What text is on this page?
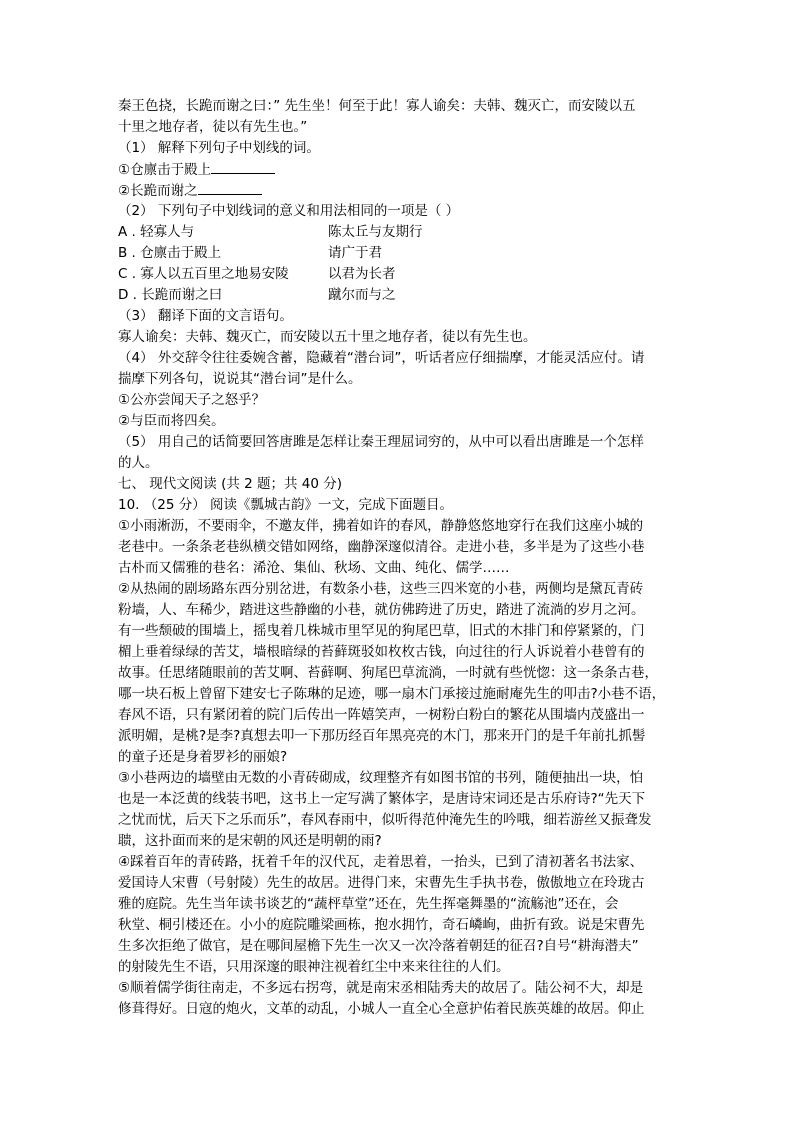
秦王色挠，长跪而谢之曰：” 先生坐！何至于此！寡人谕矣：夫韩、魏灭亡，而安陵以五
十里之地存者，徒以有先生也。”
（1） 解释下列句子中划线的词。
①仓廪击于殿上
②长跪而谢之
（2） 下列句子中划线词的意义和用法相同的一项是（ ）
A . 轻寡人与	陈太丘与友期行
B . 仓廪击于殿上	请广于君
C . 寡人以五百里之地易安陵	以君为长者
D . 长跪而谢之曰	蹴尔而与之
（3） 翻译下面的文言语句。
寡人谕矣：夫韩、魏灭亡，而安陵以五十里之地存者，徒以有先生也。
（4） 外交辞令往往委婉含蓄，隐藏着“潜台词”，听话者应仔细揣摩，才能灵活应付。请
揣摩下列各句，说说其“潜台词”是什么。
①公亦尝闻天子之怒乎？
②与臣而将四矣。
（5） 用自己的话简要回答唐雎是怎样让秦王理屈词穷的，从中可以看出唐雎是一个怎样
的人。
七、 现代文阅读 (共 2 题；共 40 分)
10. （25 分） 阅读《瓢城古韵》一文，完成下面题目。
①小雨淅沥，不要雨伞，不邀友伴，拂着如许的春风，静静悠悠地穿行在我们这座小城的
老巷中。一条条老巷纵横交错如网络，幽静深邃似清谷。走进小巷，多半是为了这些小巷
古朴而又儒雅的巷名：浠沧、集仙、秋场、文曲、纯化、儒学……
②从热闹的剧场路东西分别岔进，有数条小巷，这些三四米宽的小巷，两侧均是黛瓦青砖
粉墙，人、车稀少，踏进这些静幽的小巷，就仿佛跨进了历史，踏进了流淌的岁月之河。
有一些颓破的围墙上，摇曳着几株城市里罕见的狗尾巴草，旧式的木排门和停紧紧的，门
楣上垂着绿绿的苦艾，墙根暗绿的苔藓斑驳如枚枚古钱，向过往的行人诉说着小巷曾有的
故事。任思绪随眼前的苦艾啊、苔藓啊、狗尾巴草流淌，一时就有些恍惚：这一条条古巷，
哪一块石板上曾留下建安七子陈琳的足迹，哪一扇木门承接过施耐庵先生的叩击?小巷不语，
春风不语，只有紧闭着的院门后传出一阵嬉笑声，一树粉白粉白的繁花从围墙内茂盛出一
派明媚，是桃?是李?真想去叩一下那历经百年黑亮亮的木门，那来开门的是千年前扎抓髻
的童子还是身着罗衫的丽娘?
③小巷两边的墙壁由无数的小青砖砌成，纹理整齐有如图书馆的书列，随便抽出一块，怕
也是一本泛黄的线装书吧，这书上一定写满了繁体字，是唐诗宋词还是古乐府诗?“先天下
之忧而忧，后天下之乐而乐”，春风春雨中，似听得范仲淹先生的吟哦，细若游丝又振聋发
聩，这扑面而来的是宋朝的风还是明朝的雨?
④踩着百年的青砖路，抚着千年的汉代瓦，走着思着，一抬头，已到了清初著名书法家、
爱国诗人宋曹（号射陵）先生的故居。进得门来，宋曹先生手执书卷，傲傲地立在玲珑古
雅的庭院。先生当年读书谈艺的“蔬枰草堂”还在，先生挥毫舞墨的“流觞池”还在，会
秋堂、桐引楼还在。小小的庭院雕梁画栋，抱水拥竹，奇石嶙峋，曲折有致。说是宋曹先
生多次拒绝了做官，是在哪间屋檐下先生一次又一次冷落着朝廷的征召?自号“耕海潜夫”
的射陵先生不语，只用深邃的眼神注视着红尘中来来往往的人们。
⑤顺着儒学街往南走，不多远右拐弯，就是南宋丞相陆秀夫的故居了。陆公祠不大，却是
修葺得好。日寇的炮火，文革的动乱，小城人一直全心全意护佑着民族英雄的故居。仰止
